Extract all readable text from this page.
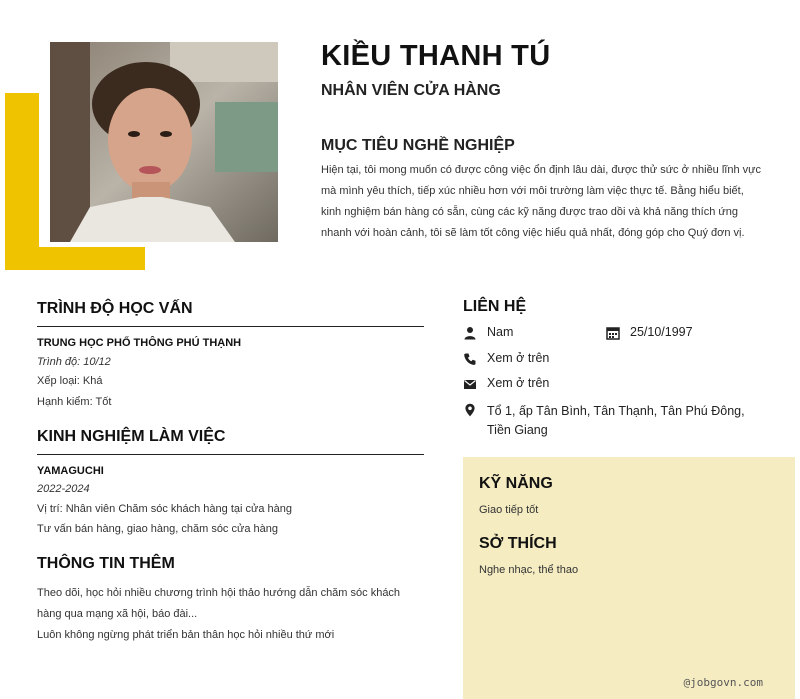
KIỀU THANH TÚ
NHÂN VIÊN CỬA HÀNG
MỤC TIÊU NGHỀ NGHIỆP
Hiện tại, tôi mong muốn có được công việc ổn định lâu dài, được thử sức ở nhiều lĩnh vực
mà mình yêu thích, tiếp xúc nhiều hơn với môi trường làm việc thực tế. Bằng hiểu biết,
kinh nghiệm bán hàng có sẵn, cùng các kỹ năng được trao dồi và khả năng thích ứng
nhanh với hoàn cảnh, tôi sẽ làm tốt công việc hiểu quả nhất, đóng góp cho Quý đơn vị.
TRÌNH ĐỘ HỌC VẤN
TRUNG HỌC PHỔ THÔNG PHÚ THẠNH
Trình độ: 10/12
Xếp loại: Khá
Hạnh kiểm: Tốt
KINH NGHIỆM LÀM VIỆC
YAMAGUCHI
2022-2024
Vị trí: Nhân viên Chăm sóc khách hàng tại cửa hàng
Tư vấn bán hàng, giao hàng, chăm sóc cửa hàng
THÔNG TIN THÊM
Theo dõi, học hỏi nhiều chương trình hội thảo hướng dẫn chăm sóc khách
hàng qua mạng xã hội, báo đài...
Luôn không ngừng phát triển bản thân học hỏi nhiều thứ mới
LIÊN HỆ
Nam	25/10/1997
Xem ở trên
Xem ở trên
Tổ 1, ấp Tân Bình, Tân Thạnh, Tân Phú Đông,
Tiền Giang
KỸ NĂNG
Giao tiếp tốt
SỞ THÍCH
Nghe nhạc, thể thao
@jobgovn.com
